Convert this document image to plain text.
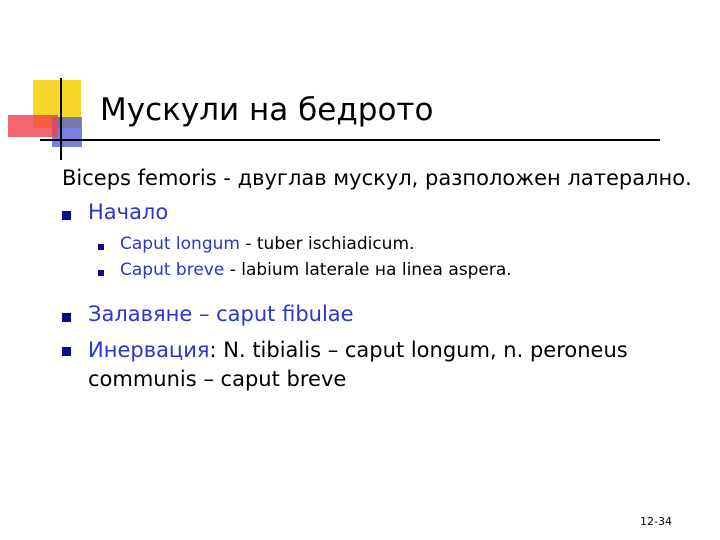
Мускули на бедрото
Biceps femoris - двуглав мускул, разположен латерално.
Начало
Caput longum - tuber ischiadicum.
Caput breve - labium laterale на linea aspera.
Залавяне – caput fibulae
Инервация: N. tibialis – caput longum, n. peroneus communis – caput breve
12-34
